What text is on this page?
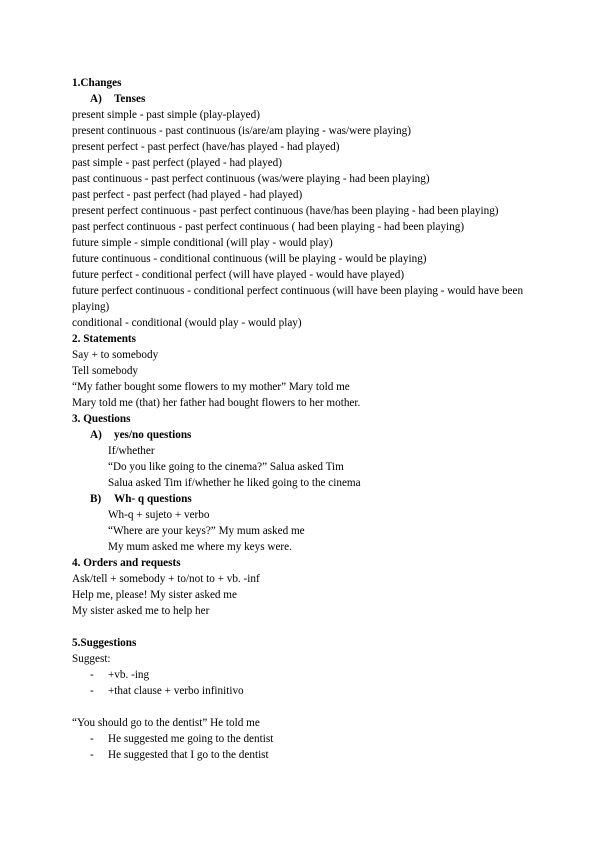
1.Changes
A) Tenses
present simple - past simple (play-played)
present continuous - past continuous (is/are/am playing - was/were playing)
present perfect - past perfect (have/has played - had played)
past simple - past perfect (played - had played)
past continuous - past perfect continuous (was/were playing - had been playing)
past perfect - past perfect (had played - had played)
present perfect continuous - past perfect continuous (have/has been playing - had been playing)
past perfect continuous - past perfect continuous ( had been playing - had been playing)
future simple - simple conditional (will play - would play)
future continuous - conditional continuous (will be playing - would be playing)
future perfect - conditional perfect (will have played - would have played)
future perfect continuous - conditional perfect continuous (will have been playing - would have been playing)
conditional - conditional (would play - would play)
2. Statements
Say + to somebody
Tell somebody
“My father bought some flowers to my mother” Mary told me
Mary told me (that) her father had bought flowers to her mother.
3. Questions
A) yes/no questions
If/whether
“Do you like going to the cinema?” Salua asked Tim
Salua asked Tim if/whether he liked going to the cinema
B) Wh- q questions
Wh-q + sujeto + verbo
“Where are your keys?” My mum asked me
My mum asked me where my keys were.
4. Orders and requests
Ask/tell + somebody + to/not to + vb. -inf
Help me, please! My sister asked me
My sister asked me to help her
5.Suggestions
Suggest:
- +vb. -ing
- +that clause + verbo infinitivo
“You should go to the dentist” He told me
- He suggested me going to the dentist
- He suggested that I go to the dentist
